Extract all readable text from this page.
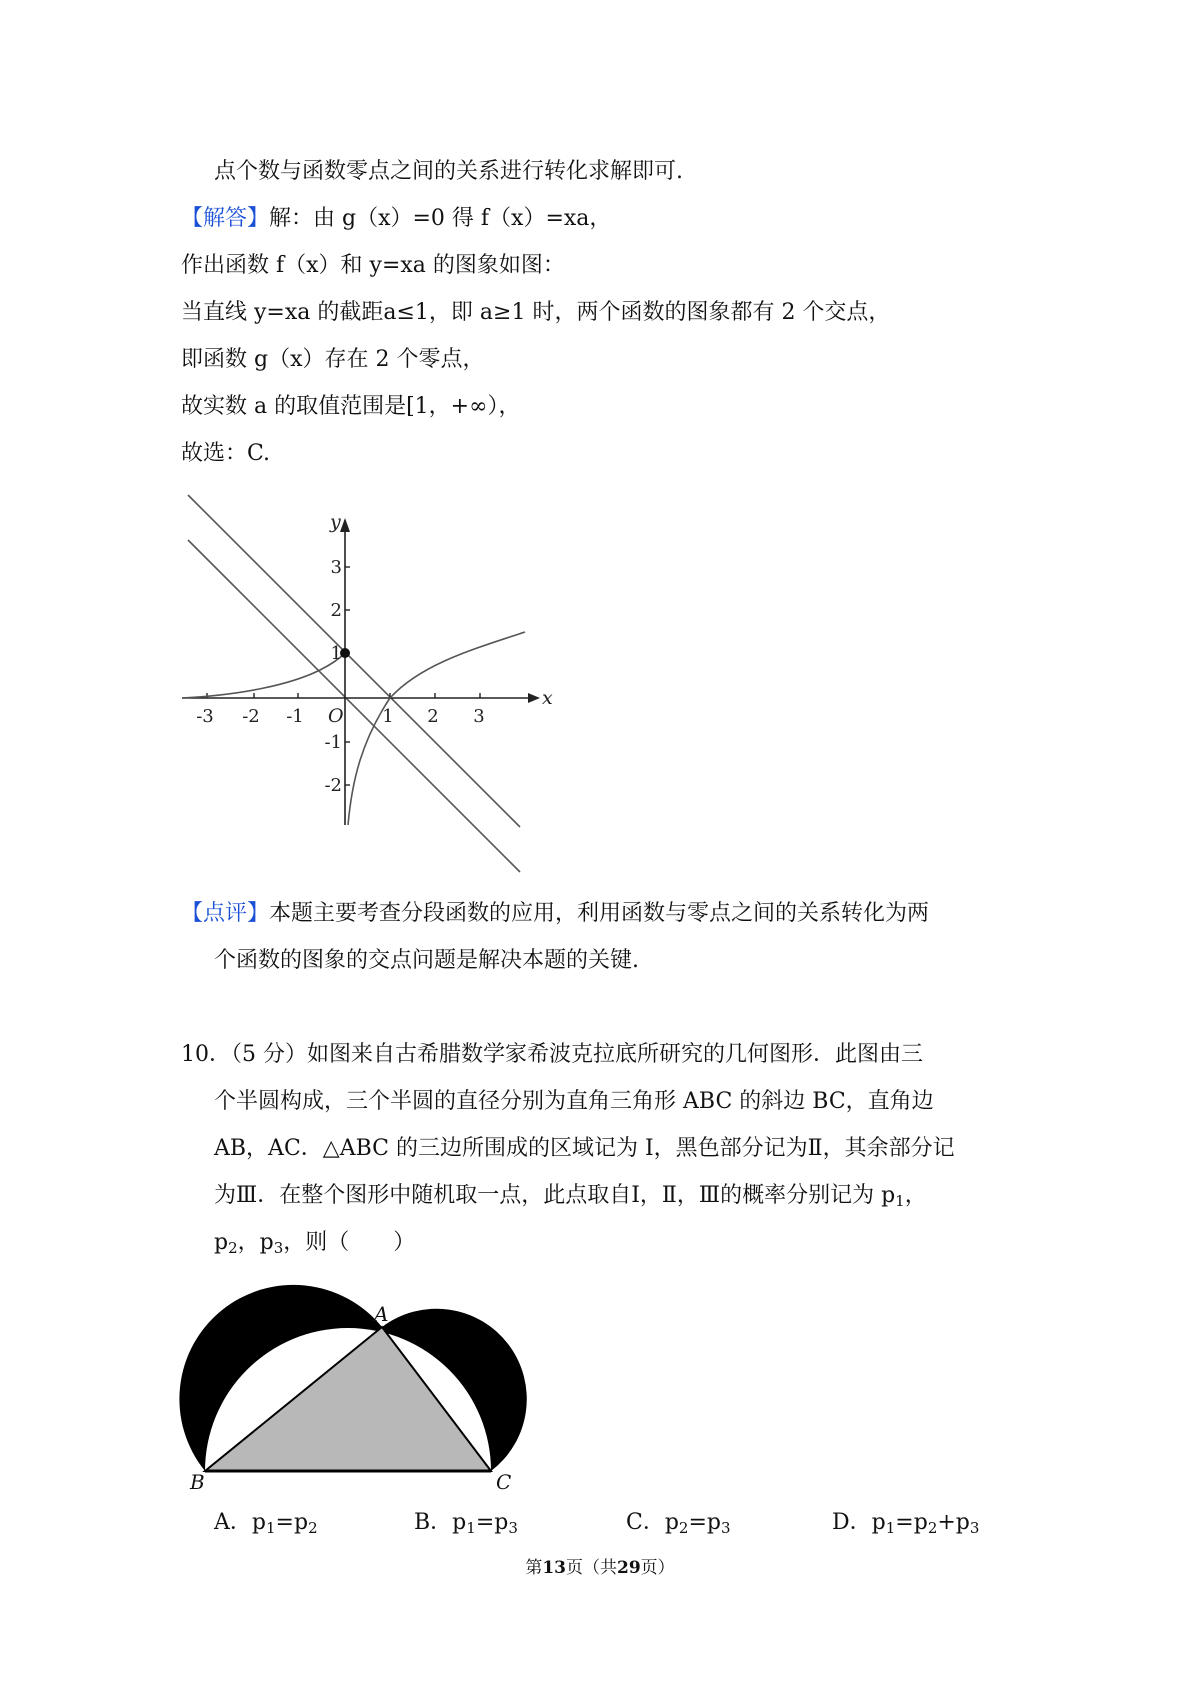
点个数与函数零点之间的关系进行转化求解即可.
【解答】解：由 g（x）=0 得 f（x）=x﻿a，
作出函数 f（x）和 y=x﻿a 的图象如图：
当直线 y=x﻿a 的截距a≤1，即 a≥1 时，两个函数的图象都有 2 个交点，
即函数 g（x）存在 2 个零点，
故实数 a 的取值范围是[1，+∞），
故选：C.
x
y
O
-3 -2 -1	1 2 3
3
2
1
-1
-2
【点评】本题主要考查分段函数的应用，利用函数与零点之间的关系转化为两
个函数的图象的交点问题是解决本题的关键.
10．（5 分）如图来自古希腊数学家希波克拉底所研究的几何图形．此图由三
个半圆构成，三个半圆的直径分别为直角三角形 ABC 的斜边 BC，直角边
AB，AC．△ABC 的三边所围成的区域记为 I，黑色部分记为Ⅱ，其余部分记
为Ⅲ．在整个图形中随机取一点，此点取自Ⅰ，Ⅱ，Ⅲ的概率分别记为 $p_1$，
$p_2$，$p_3$，则（　　）
A
B	C
A．$p_1=p_2$	B．$p_1=p_3$	C．$p_2=p_3$	D．$p_1=p_2+p_3$
第13页（共29页）
